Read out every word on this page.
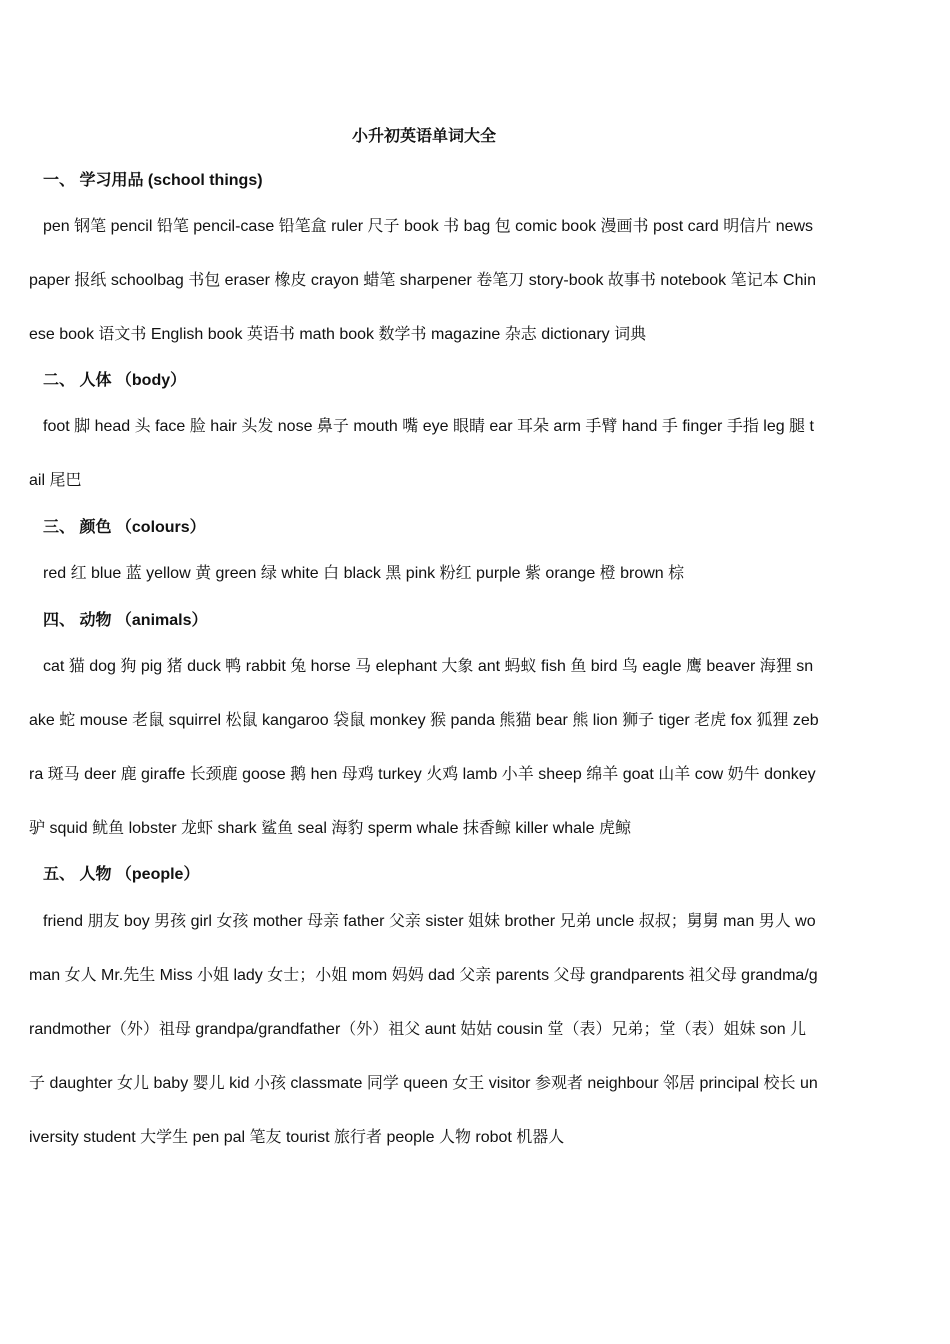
小升初英语单词大全
一、 学习用品 (school things)

pen 钢笔 pencil 铅笔 pencil-case 铅笔盒 ruler 尺子 book 书 bag 包 comic book 漫画书 post card 明信片 newspaper 报纸 schoolbag 书包 eraser 橡皮 crayon 蜡笔 sharpener 卷笔刀 story-book 故事书 notebook 笔记本 Chinese book 语文书 English book 英语书 math book 数学书 magazine 杂志 dictionary 词典

二、 人体 （body）

foot 脚 head 头 face 脸 hair 头发 nose 鼻子 mouth 嘴 eye 眼睛 ear 耳朵 arm 手臂 hand 手 finger 手指 leg 腿 tail 尾巴

三、 颜色 （colours）

red 红 blue 蓝 yellow 黄 green 绿 white 白 black 黑 pink 粉红 purple 紫 orange 橙 brown 棕

四、 动物 （animals）

cat 猫 dog 狗 pig 猪 duck 鸭 rabbit 兔 horse 马 elephant 大象 ant 蚂蚁 fish 鱼 bird 鸟 eagle 鹰 beaver 海狸 snake 蛇 mouse 老鼠 squirrel 松鼠 kangaroo 袋鼠 monkey 猴 panda 熊猫 bear 熊 lion 狮子 tiger 老虎 fox 狐狸 zebra 斑马 deer 鹿 giraffe 长颈鹿 goose 鹅 hen 母鸡 turkey 火鸡 lamb 小羊 sheep 绵羊 goat 山羊 cow 奶牛 donkey 驴 squid 鱿鱼 lobster 龙虾 shark 鲨鱼 seal 海豹 sperm whale 抹香鲸 killer whale 虎鲸

五、 人物 （people）

friend 朋友 boy 男孩 girl 女孩 mother 母亲 father 父亲 sister 姐妹 brother 兄弟 uncle 叔叔；舅舅 man 男人 woman 女人 Mr.先生 Miss 小姐 lady 女士；小姐 mom 妈妈 dad 父亲 parents 父母 grandparents 祖父母 grandma/grandmother（外）祖母 grandpa/grandfather（外）祖父 aunt 姑姑 cousin 堂（表）兄弟；堂（表）姐妹 son 儿子 daughter 女儿 baby 婴儿 kid 小孩 classmate 同学 queen 女王 visitor 参观者 neighbour 邻居 principal 校长 university student 大学生 pen pal 笔友 tourist 旅行者 people 人物 robot 机器人
